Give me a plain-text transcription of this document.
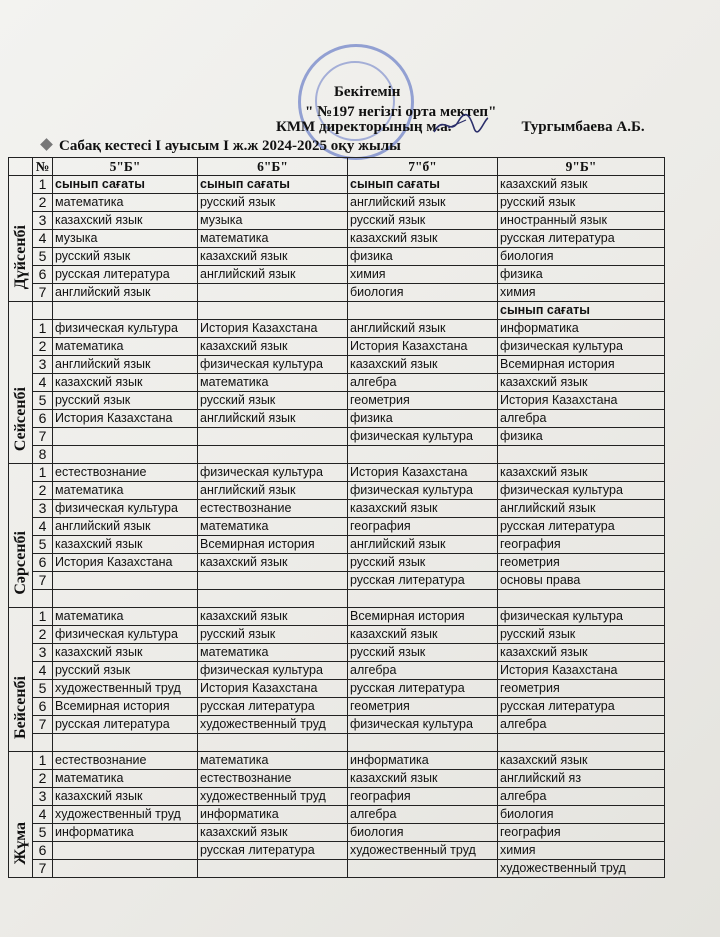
Бекітемін
" №197 негізгі орта мектеп"
КММ директорының м.а.	Тургымбаева А.Б.
Сабақ кестесі I ауысым I ж.ж 2024-2025 оқу жылы
	№	5"Б"	6"Б"	7"б"	9"Б"
Дүйсенбі	1	сынып сағаты	сынып сағаты	сынып сағаты	казахский язык
	2	математика	русский язык	английский язык	русский язык
	3	казахский язык	музыка	русский язык	иностранный язык
	4	музыка	математика	казахский язык	русская литература
	5	русский язык	казахский язык	физика	биология
	6	русская литература	английский язык	химия	физика
	7	английский язык		биология	химия
Сейсенбі					сынып сағаты
	1	физическая культура	История Казахстана	английский язык	информатика
	2	математика	казахский язык	История Казахстана	физическая культура
	3	английский язык	физическая культура	казахский язык	Всемирная история
	4	казахский язык	математика	алгебра	казахский язык
	5	русский язык	русский язык	геометрия	История Казахстана
	6	История Казахстана	английский язык	физика	алгебра
	7			физическая культура	физика
	8				
Сәрсенбі	1	естествознание	физическая культура	История Казахстана	казахский язык
	2	математика	английский язык	физическая культура	физическая культура
	3	физическая культура	естествознание	казахский язык	английский язык
	4	английский язык	математика	география	русская литература
	5	казахский язык	Всемирная история	английский язык	география
	6	История Казахстана	казахский язык	русский язык	геометрия
	7			русская литература	основы права

Бейсенбі	1	математика	казахский язык	Всемирная история	физическая культура
	2	физическая культура	русский язык	казахский язык	русский язык
	3	казахский язык	математика	русский язык	казахский язык
	4	русский язык	физическая культура	алгебра	История Казахстана
	5	художественный труд	История Казахстана	русская литература	геометрия
	6	Всемирная история	русская литература	геометрия	русская литература
	7	русская литература	художественный труд	физическая культура	алгебра

Жұма	1	естествознание	математика	информатика	казахский язык
	2	математика	естествознание	казахский язык	английский яз
	3	казахский язык	художественный труд	география	алгебра
	4	художественный труд	информатика	алгебра	биология
	5	информатика	казахский язык	биология	география
	6		русская литература	художественный труд	химия
	7				художественный труд
